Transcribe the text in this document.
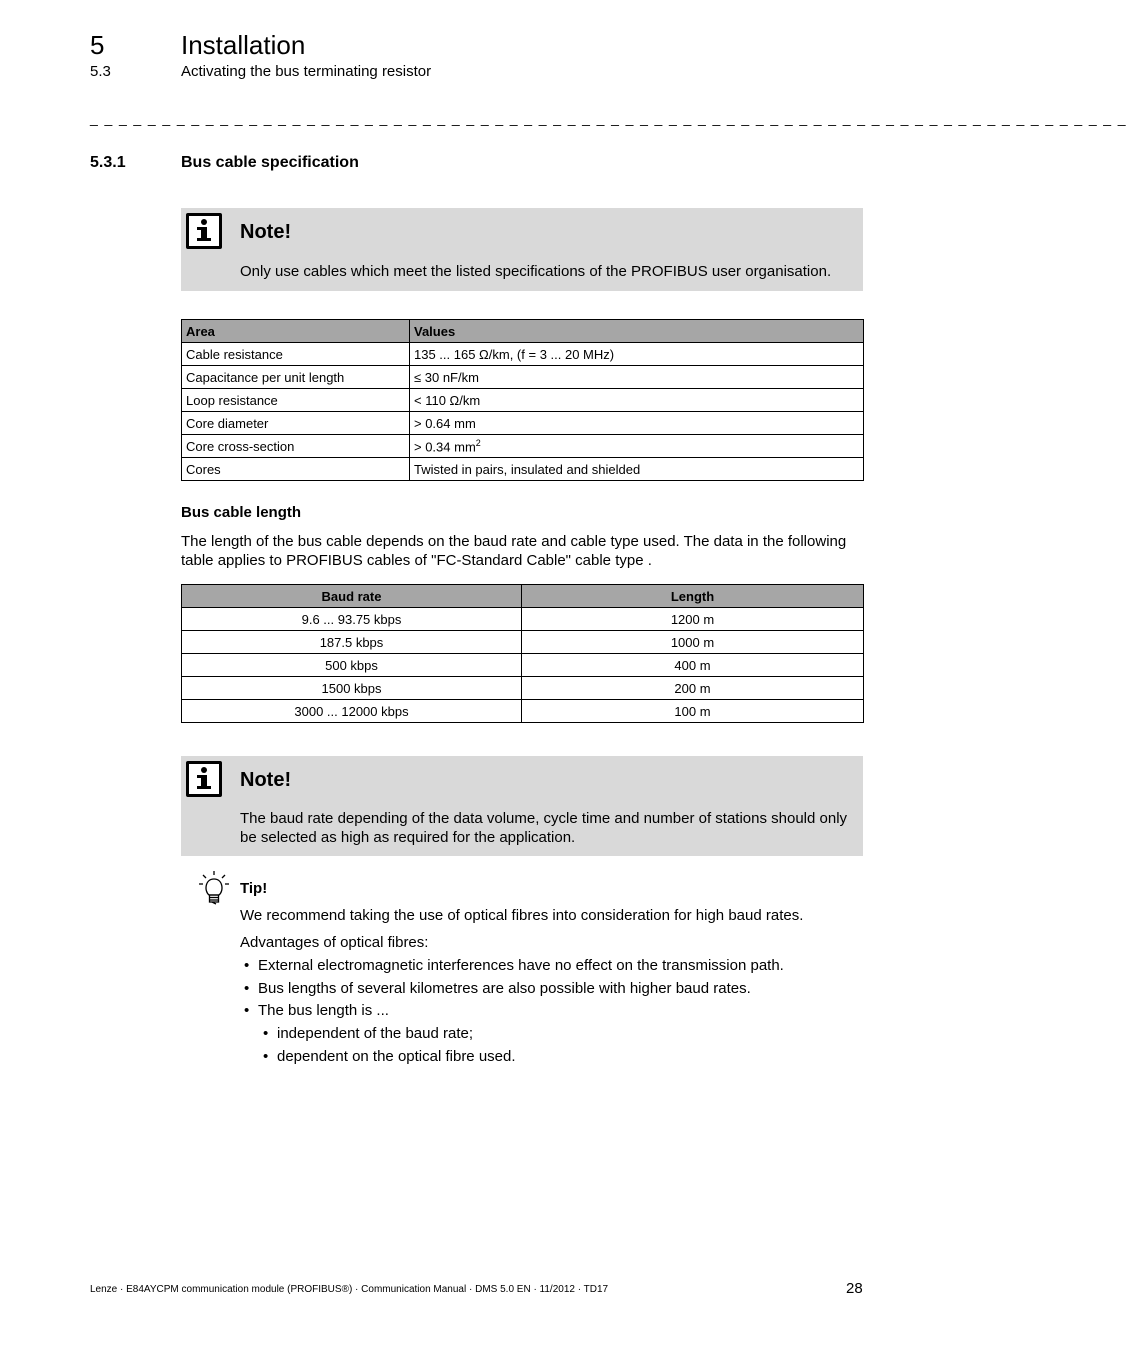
5	Installation
5.3	Activating the bus terminating resistor
_ _ _ _ _ _ _ _ _ _ _ _ _ _ _ _ _ _ _ _ _ _ _ _ _ _ _ _ _ _ _ _ _ _ _ _ _ _ _ _ _ _ _ _ _ _ _ _ _ _ _ _ _ _ _ _ _ _ _ _ _ _ _ _ _ _ _ _ _ _ _ _
5.3.1	Bus cable specification
Note!
Only use cables which meet the listed specifications of the PROFIBUS user organisation.
Area	Values
Cable resistance	135 ... 165 Ω/km, (f = 3 ... 20 MHz)
Capacitance per unit length	≤ 30 nF/km
Loop resistance	< 110 Ω/km
Core diameter	> 0.64 mm
Core cross-section	> 0.34 $mm^2$
Cores	Twisted in pairs, insulated and shielded
Bus cable length
The length of the bus cable depends on the baud rate and cable type used. The data in the following table applies to PROFIBUS cables of "FC-Standard Cable" cable type .
Baud rate	Length
9.6 ... 93.75 kbps	1200 m
187.5 kbps	1000 m
500 kbps	400 m
1500 kbps	200 m
3000 ... 12000 kbps	100 m
Note!
The baud rate depending of the data volume, cycle time and number of stations should only be selected as high as required for the application.
Tip!
We recommend taking the use of optical fibres into consideration for high baud rates.
Advantages of optical fibres:
• External electromagnetic interferences have no effect on the transmission path.
• Bus lengths of several kilometres are also possible with higher baud rates.
• The bus length is ...
• independent of the baud rate;
• dependent on the optical fibre used.
Lenze · E84AYCPM communication module (PROFIBUS®) · Communication Manual · DMS 5.0 EN · 11/2012 · TD17	28
